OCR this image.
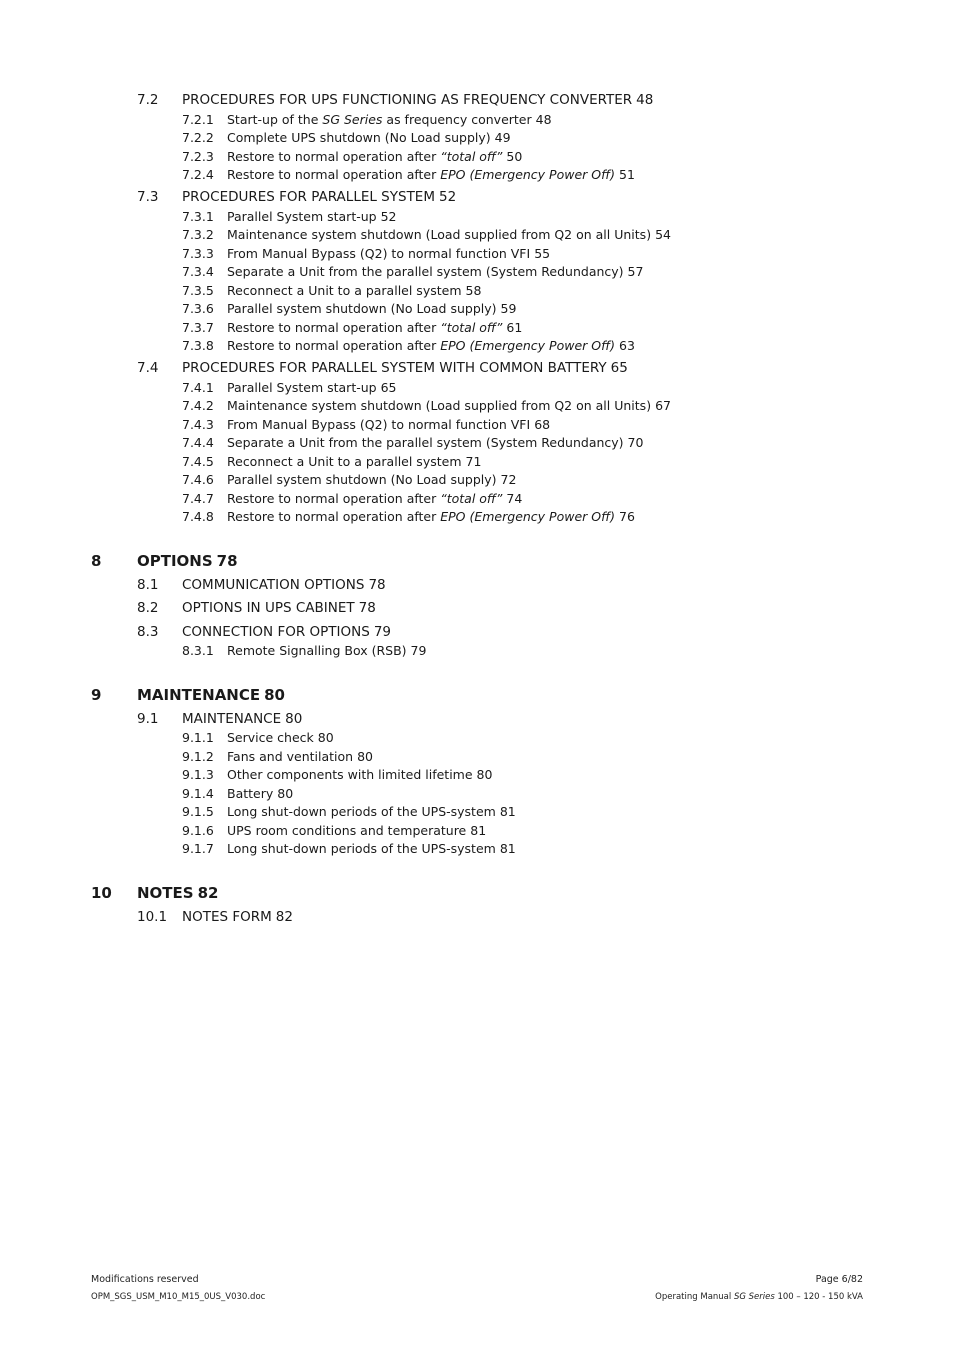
7.2 PROCEDURES FOR UPS FUNCTIONING AS FREQUENCY CONVERTER 48
7.2.1 Start-up of the SG Series as frequency converter 48
7.2.2 Complete UPS shutdown (No Load supply) 49
7.2.3 Restore to normal operation after “total off” 50
7.2.4 Restore to normal operation after EPO (Emergency Power Off) 51
7.3 PROCEDURES FOR PARALLEL SYSTEM 52
7.3.1 Parallel System start-up 52
7.3.2 Maintenance system shutdown (Load supplied from Q2 on all Units) 54
7.3.3 From Manual Bypass (Q2) to normal function VFI 55
7.3.4 Separate a Unit from the parallel system (System Redundancy) 57
7.3.5 Reconnect a Unit to a parallel system 58
7.3.6 Parallel system shutdown (No Load supply) 59
7.3.7 Restore to normal operation after “total off” 61
7.3.8 Restore to normal operation after EPO (Emergency Power Off) 63
7.4 PROCEDURES FOR PARALLEL SYSTEM WITH COMMON BATTERY 65
7.4.1 Parallel System start-up 65
7.4.2 Maintenance system shutdown (Load supplied from Q2 on all Units) 67
7.4.3 From Manual Bypass (Q2) to normal function VFI 68
7.4.4 Separate a Unit from the parallel system (System Redundancy) 70
7.4.5 Reconnect a Unit to a parallel system 71
7.4.6 Parallel system shutdown (No Load supply) 72
7.4.7 Restore to normal operation after “total off” 74
7.4.8 Restore to normal operation after EPO (Emergency Power Off) 76
8 OPTIONS 78
8.1 COMMUNICATION OPTIONS 78
8.2 OPTIONS IN UPS CABINET 78
8.3 CONNECTION FOR OPTIONS 79
8.3.1 Remote Signalling Box (RSB) 79
9 MAINTENANCE 80
9.1 MAINTENANCE 80
9.1.1 Service check 80
9.1.2 Fans and ventilation 80
9.1.3 Other components with limited lifetime 80
9.1.4 Battery 80
9.1.5 Long shut-down periods of the UPS-system 81
9.1.6 UPS room conditions and temperature 81
9.1.7 Long shut-down periods of the UPS-system 81
10 NOTES 82
10.1 NOTES FORM 82
Modifications reserved
OPM_SGS_USM_M10_M15_0US_V030.doc
Page 6/82
Operating Manual SG Series 100 – 120 - 150 kVA
